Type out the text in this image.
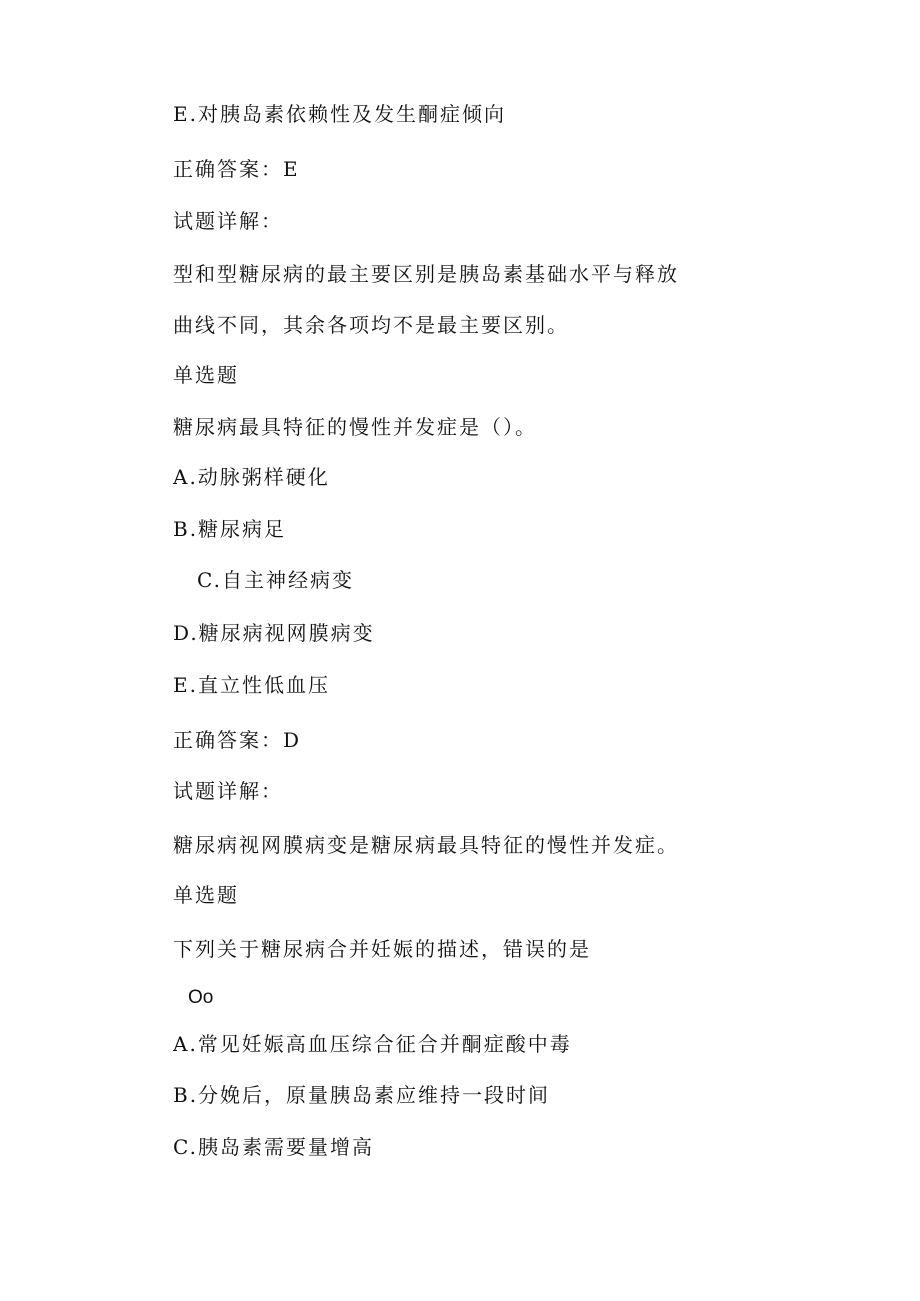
E.对胰岛素依赖性及发生酮症倾向
正确答案：E
试题详解：
型和型糖尿病的最主要区别是胰岛素基础水平与释放
曲线不同，其余各项均不是最主要区别。
单选题
糖尿病最具特征的慢性并发症是（）。
A.动脉粥样硬化
B.糖尿病足
C.自主神经病变
D.糖尿病视网膜病变
E.直立性低血压
正确答案：D
试题详解：
糖尿病视网膜病变是糖尿病最具特征的慢性并发症。
单选题
下列关于糖尿病合并妊娠的描述，错误的是
Oo
A.常见妊娠高血压综合征合并酮症酸中毒
B.分娩后，原量胰岛素应维持一段时间
C.胰岛素需要量增高
